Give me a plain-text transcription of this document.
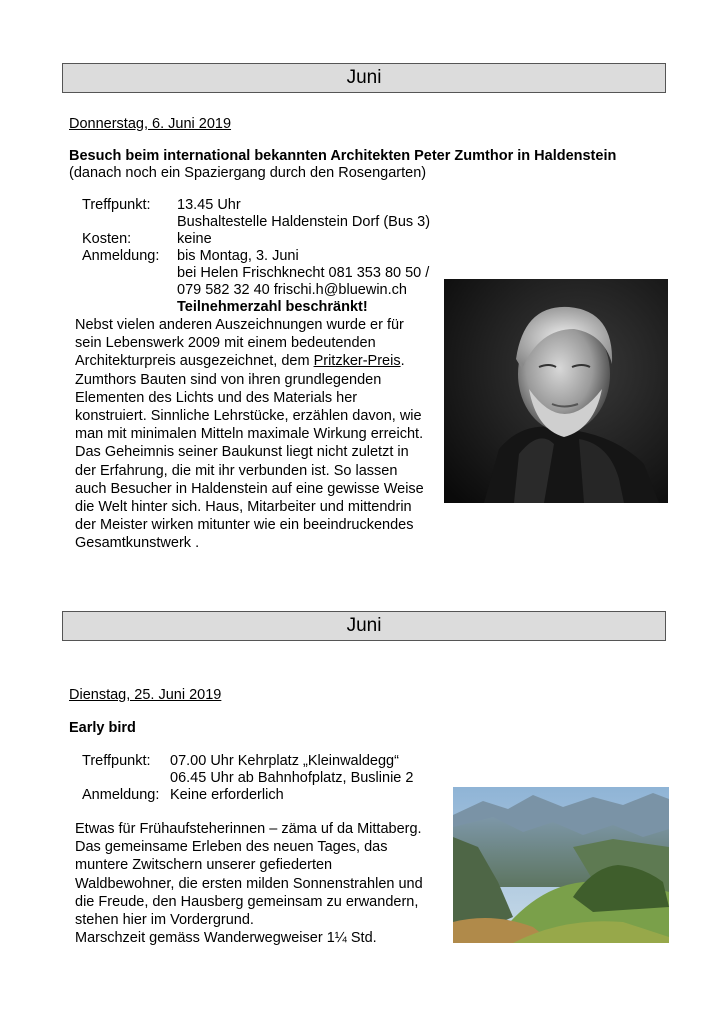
Juni
Donnerstag, 6. Juni 2019
Besuch beim international bekannten Architekten Peter Zumthor in Haldenstein
(danach noch ein Spaziergang durch den Rosengarten)
Treffpunkt: 13.45 Uhr
Bushaltestelle Haldenstein Dorf (Bus 3)
Kosten:	keine
Anmeldung: bis Montag, 3. Juni
bei Helen Frischknecht 081 353 80 50 /
079 582 32 40 frischi.h@bluewin.ch
Teilnehmerzahl beschränkt!
Nebst vielen anderen Auszeichnungen wurde er für
sein Lebenswerk 2009 mit einem bedeutenden
Architekturpreis ausgezeichnet, dem Pritzker-Preis.
Zumthors Bauten sind von ihren grundlegenden
Elementen des Lichts und des Materials her
konstruiert. Sinnliche Lehrstücke, erzählen davon, wie
man mit minimalen Mitteln maximale Wirkung erreicht.
Das Geheimnis seiner Baukunst liegt nicht zuletzt in
der Erfahrung, die mit ihr verbunden ist. So lassen
auch Besucher in Haldenstein auf eine gewisse Weise
die Welt hinter sich. Haus, Mitarbeiter und mittendrin
der Meister wirken mitunter wie ein beeindruckendes
Gesamtkunstwerk .
Juni
Dienstag, 25. Juni 2019
Early bird
Treffpunkt: 07.00 Uhr Kehrplatz „Kleinwaldegg“
06.45 Uhr ab Bahnhofplatz, Buslinie 2
Anmeldung: Keine erforderlich
Etwas für Frühaufsteherinnen – zäma uf da Mittaberg.
Das gemeinsame Erleben des neuen Tages, das
muntere Zwitschern unserer gefiederten
Waldbewohner, die ersten milden Sonnenstrahlen und
die Freude, den Hausberg gemeinsam zu erwandern,
stehen hier im Vordergrund.
Marschzeit gemäss Wanderwegweiser 1¼ Std.
